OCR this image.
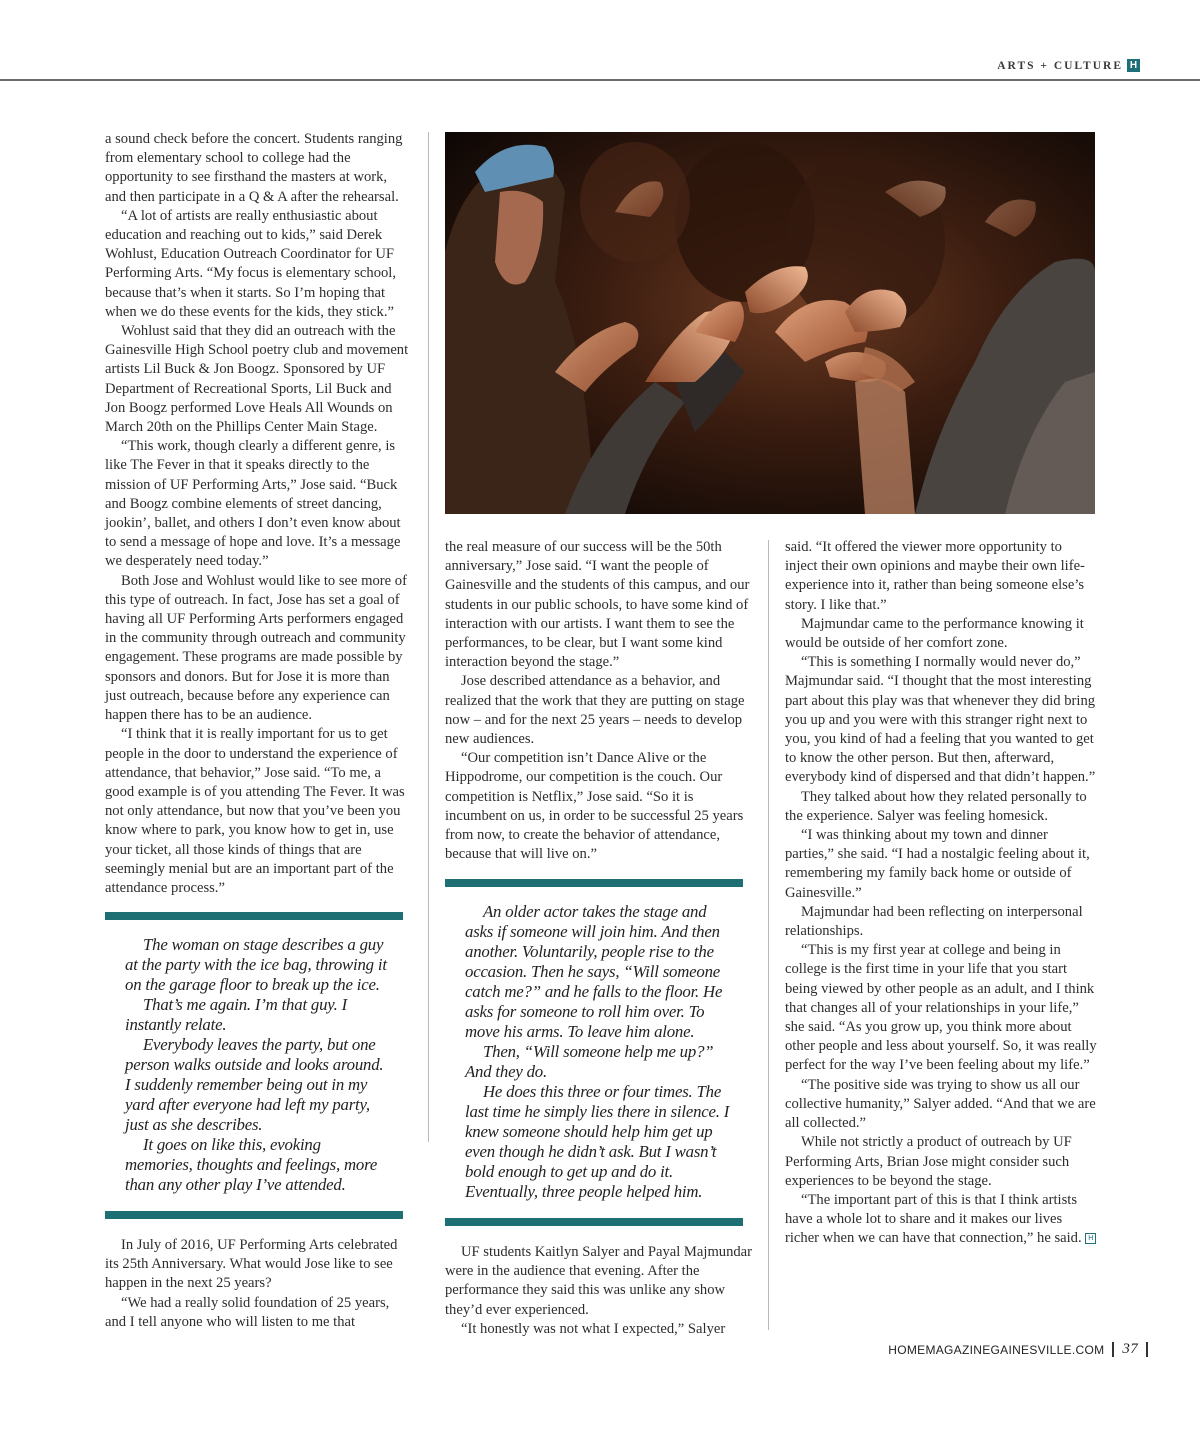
ARTS + CULTURE H

a sound check before the concert. Students ranging from elementary school to college had the opportunity to see firsthand the masters at work, and then participate in a Q & A after the rehearsal.

“A lot of artists are really enthusiastic about education and reaching out to kids,” said Derek Wohlust, Education Outreach Coordinator for UF Performing Arts. “My focus is elementary school, because that’s when it starts. So I’m hoping that when we do these events for the kids, they stick.”

Wohlust said that they did an outreach with the Gainesville High School poetry club and movement artists Lil Buck & Jon Boogz. Sponsored by UF Department of Recreational Sports, Lil Buck and Jon Boogz performed Love Heals All Wounds on March 20th on the Phillips Center Main Stage.

“This work, though clearly a different genre, is like The Fever in that it speaks directly to the mission of UF Performing Arts,” Jose said. “Buck and Boogz combine elements of street dancing, jookin’, ballet, and others I don’t even know about to send a message of hope and love. It’s a message we desperately need today.”

Both Jose and Wohlust would like to see more of this type of outreach. In fact, Jose has set a goal of having all UF Performing Arts performers engaged in the community through outreach and community engagement. These programs are made possible by sponsors and donors. But for Jose it is more than just outreach, because before any experience can happen there has to be an audience.

“I think that it is really important for us to get people in the door to understand the experience of attendance, that behavior,” Jose said. “To me, a good example is of you attending The Fever. It was not only attendance, but now that you’ve been you know where to park, you know how to get in, use your ticket, all those kinds of things that are seemingly menial but are an important part of the attendance process.”

The woman on stage describes a guy at the party with the ice bag, throwing it on the garage floor to break up the ice.

That’s me again. I’m that guy. I instantly relate.

Everybody leaves the party, but one person walks outside and looks around. I suddenly remember being out in my yard after everyone had left my party, just as she describes.

It goes on like this, evoking memories, thoughts and feelings, more than any other play I’ve attended.

In July of 2016, UF Performing Arts celebrated its 25th Anniversary. What would Jose like to see happen in the next 25 years?

“We had a really solid foundation of 25 years, and I tell anyone who will listen to me that

the real measure of our success will be the 50th anniversary,” Jose said. “I want the people of Gainesville and the students of this campus, and our students in our public schools, to have some kind of interaction with our artists. I want them to see the performances, to be clear, but I want some kind interaction beyond the stage.”

Jose described attendance as a behavior, and realized that the work that they are putting on stage now – and for the next 25 years – needs to develop new audiences.

“Our competition isn’t Dance Alive or the Hippodrome, our competition is the couch. Our competition is Netflix,” Jose said. “So it is incumbent on us, in order to be successful 25 years from now, to create the behavior of attendance, because that will live on.”

An older actor takes the stage and asks if someone will join him. And then another. Voluntarily, people rise to the occasion. Then he says, “Will someone catch me?” and he falls to the floor. He asks for someone to roll him over. To move his arms. To leave him alone.

Then, “Will someone help me up?” And they do.

He does this three or four times. The last time he simply lies there in silence. I knew someone should help him get up even though he didn’t ask. But I wasn’t bold enough to get up and do it. Eventually, three people helped him.

UF students Kaitlyn Salyer and Payal Majmundar were in the audience that evening. After the performance they said this was unlike any show they’d ever experienced.

“It honestly was not what I expected,” Salyer

said. “It offered the viewer more opportunity to inject their own opinions and maybe their own life-experience into it, rather than being someone else’s story. I like that.”

Majmundar came to the performance knowing it would be outside of her comfort zone.

“This is something I normally would never do,” Majmundar said. “I thought that the most interesting part about this play was that whenever they did bring you up and you were with this stranger right next to you, you kind of had a feeling that you wanted to get to know the other person. But then, afterward, everybody kind of dispersed and that didn’t happen.”

They talked about how they related personally to the experience. Salyer was feeling homesick.

“I was thinking about my town and dinner parties,” she said. “I had a nostalgic feeling about it, remembering my family back home or outside of Gainesville.”

Majmundar had been reflecting on interpersonal relationships.

“This is my first year at college and being in college is the first time in your life that you start being viewed by other people as an adult, and I think that changes all of your relationships in your life,” she said. “As you grow up, you think more about other people and less about yourself. So, it was really perfect for the way I’ve been feeling about my life.”

“The positive side was trying to show us all our collective humanity,” Salyer added. “And that we are all collected.”

While not strictly a product of outreach by UF Performing Arts, Brian Jose might consider such experiences to be beyond the stage.

“The important part of this is that I think artists have a whole lot to share and it makes our lives richer when we can have that connection,” he said. H

HOMEMAGAZINEGAINESVILLE.COM 37
